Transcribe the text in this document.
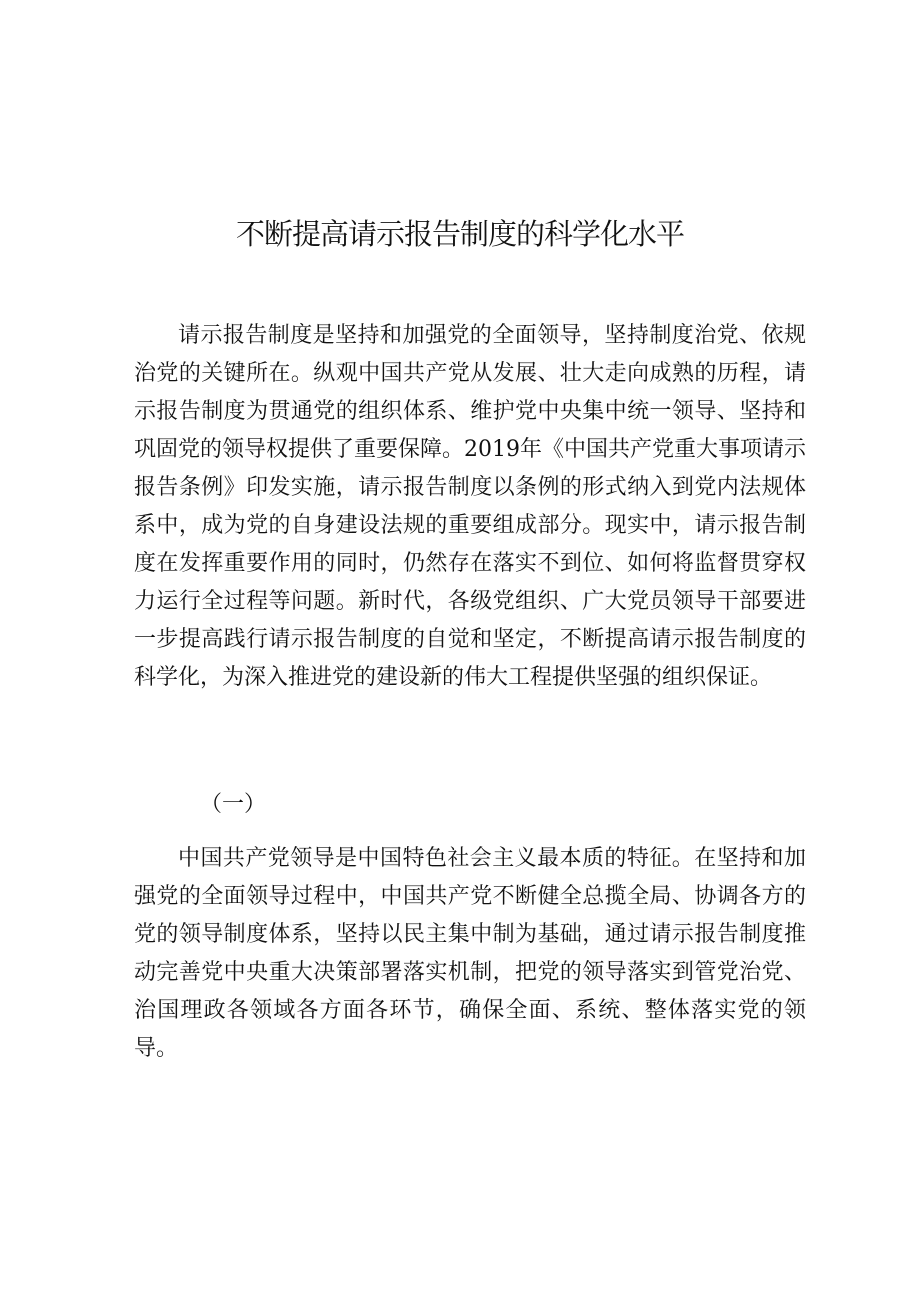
不断提高请示报告制度的科学化水平

请示报告制度是坚持和加强党的全面领导，坚持制度治党、依规治党的关键所在。纵观中国共产党从发展、壮大走向成熟的历程，请示报告制度为贯通党的组织体系、维护党中央集中统一领导、坚持和巩固党的领导权提供了重要保障。2019年《中国共产党重大事项请示报告条例》印发实施，请示报告制度以条例的形式纳入到党内法规体系中，成为党的自身建设法规的重要组成部分。现实中，请示报告制度在发挥重要作用的同时，仍然存在落实不到位、如何将监督贯穿权力运行全过程等问题。新时代，各级党组织、广大党员领导干部要进一步提高践行请示报告制度的自觉和坚定，不断提高请示报告制度的科学化，为深入推进党的建设新的伟大工程提供坚强的组织保证。

（一）

中国共产党领导是中国特色社会主义最本质的特征。在坚持和加强党的全面领导过程中，中国共产党不断健全总揽全局、协调各方的党的领导制度体系，坚持以民主集中制为基础，通过请示报告制度推动完善党中央重大决策部署落实机制，把党的领导落实到管党治党、治国理政各领域各方面各环节，确保全面、系统、整体落实党的领导。
